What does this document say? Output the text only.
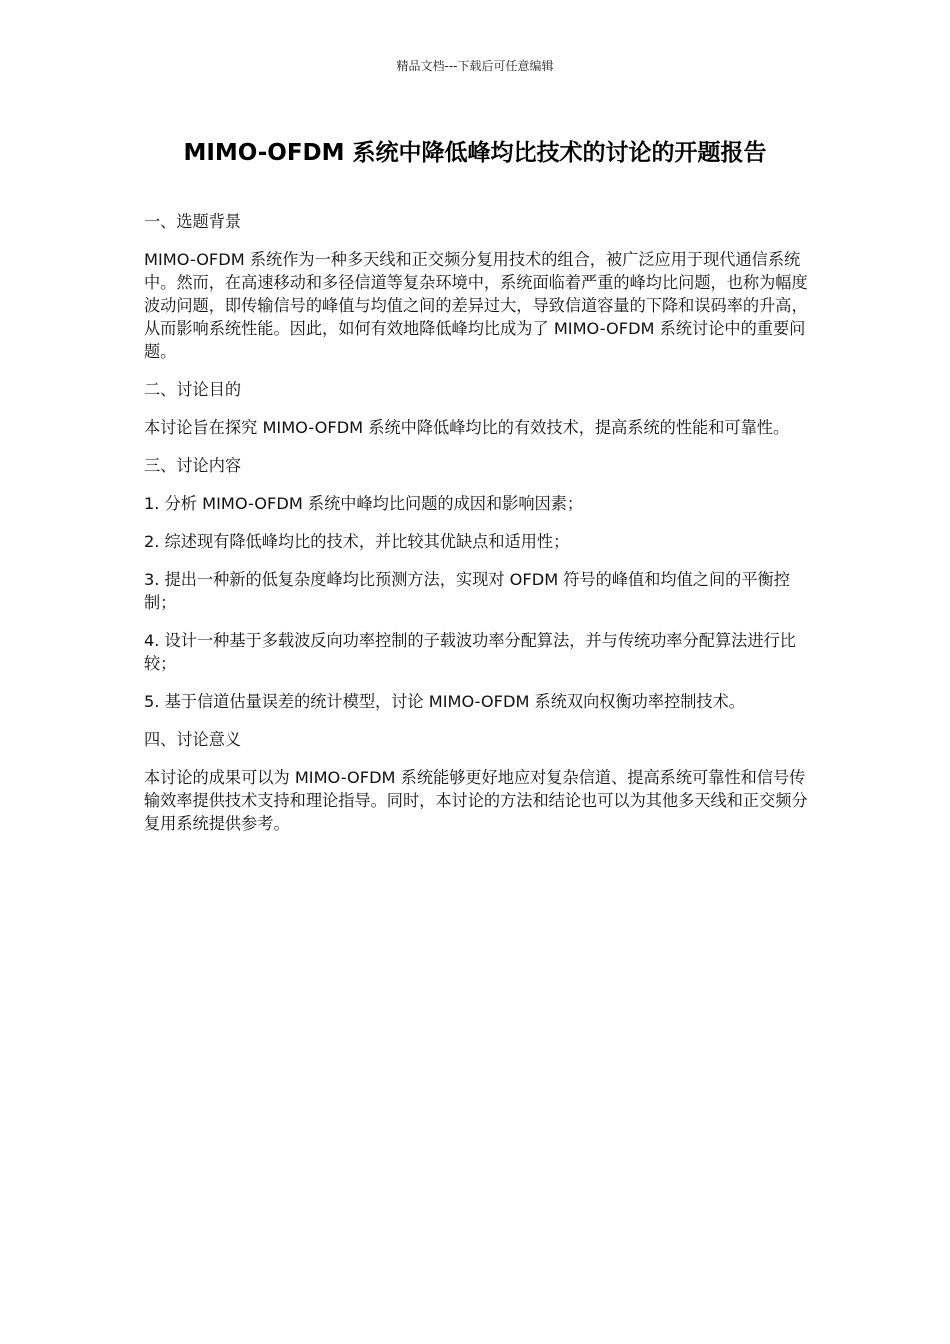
精品文档---下载后可任意编辑
MIMO-OFDM 系统中降低峰均比技术的讨论的开题报告

一、选题背景

MIMO-OFDM 系统作为一种多天线和正交频分复用技术的组合，被广泛应用于现代通信系统中。然而，在高速移动和多径信道等复杂环境中，系统面临着严重的峰均比问题，也称为幅度波动问题，即传输信号的峰值与均值之间的差异过大，导致信道容量的下降和误码率的升高，从而影响系统性能。因此，如何有效地降低峰均比成为了 MIMO-OFDM 系统讨论中的重要问题。

二、讨论目的

本讨论旨在探究 MIMO-OFDM 系统中降低峰均比的有效技术，提高系统的性能和可靠性。

三、讨论内容

1. 分析 MIMO-OFDM 系统中峰均比问题的成因和影响因素；

2. 综述现有降低峰均比的技术，并比较其优缺点和适用性；

3. 提出一种新的低复杂度峰均比预测方法，实现对 OFDM 符号的峰值和均值之间的平衡控制；

4. 设计一种基于多载波反向功率控制的子载波功率分配算法，并与传统功率分配算法进行比较；

5. 基于信道估量误差的统计模型，讨论 MIMO-OFDM 系统双向权衡功率控制技术。

四、讨论意义

本讨论的成果可以为 MIMO-OFDM 系统能够更好地应对复杂信道、提高系统可靠性和信号传输效率提供技术支持和理论指导。同时，本讨论的方法和结论也可以为其他多天线和正交频分复用系统提供参考。
